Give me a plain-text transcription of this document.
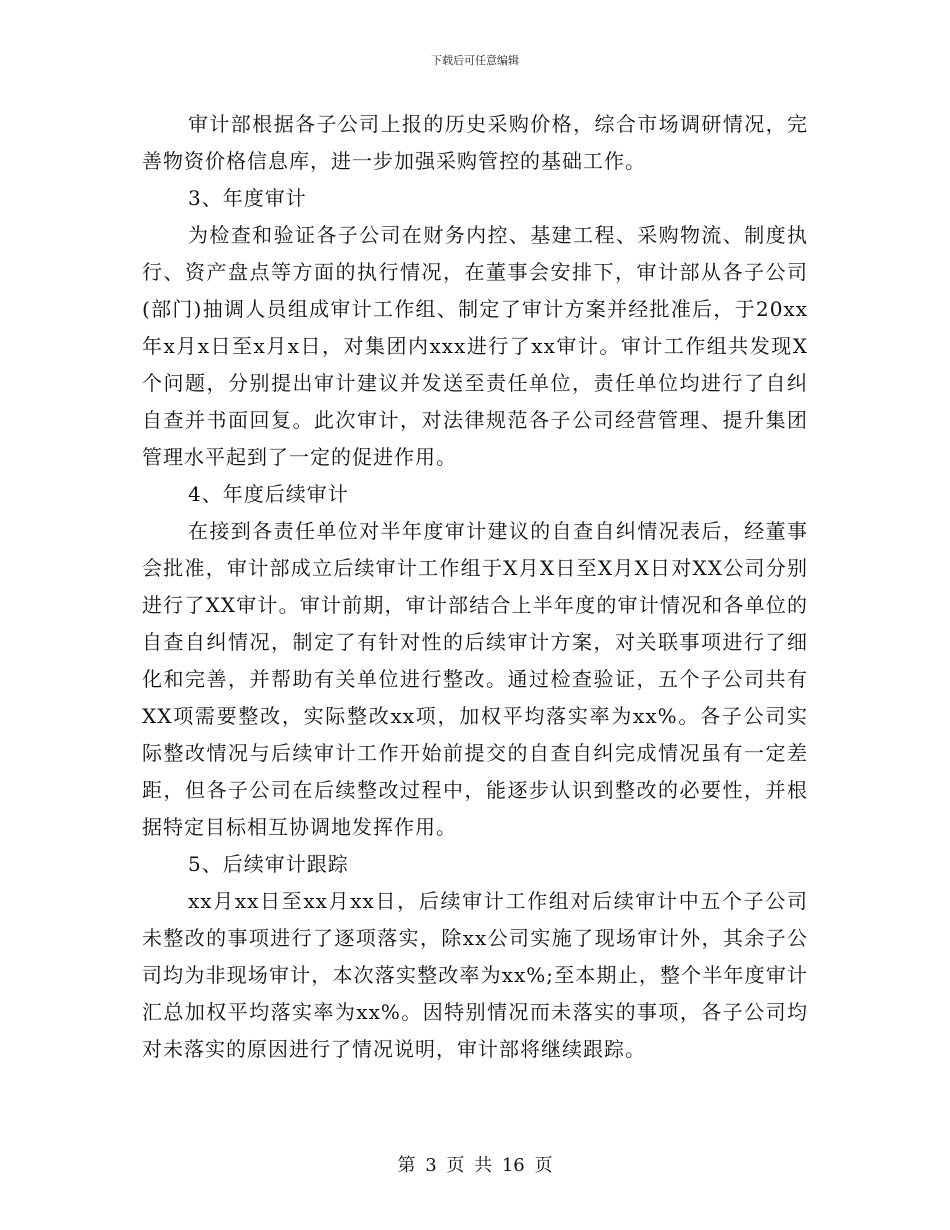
下载后可任意编辑

审计部根据各子公司上报的历史采购价格，综合市场调研情况，完善物资价格信息库，进一步加强采购管控的基础工作。

3、年度审计

为检查和验证各子公司在财务内控、基建工程、采购物流、制度执行、资产盘点等方面的执行情况，在董事会安排下，审计部从各子公司(部门)抽调人员组成审计工作组、制定了审计方案并经批准后，于20xx年x月x日至x月x日，对集团内xxx进行了xx审计。审计工作组共发现X个问题，分别提出审计建议并发送至责任单位，责任单位均进行了自纠自查并书面回复。此次审计，对法律规范各子公司经营管理、提升集团管理水平起到了一定的促进作用。

4、年度后续审计

在接到各责任单位对半年度审计建议的自查自纠情况表后，经董事会批准，审计部成立后续审计工作组于X月X日至X月X日对XX公司分别进行了XX审计。审计前期，审计部结合上半年度的审计情况和各单位的自查自纠情况，制定了有针对性的后续审计方案，对关联事项进行了细化和完善，并帮助有关单位进行整改。通过检查验证，五个子公司共有XX项需要整改，实际整改xx项，加权平均落实率为xx%。各子公司实际整改情况与后续审计工作开始前提交的自查自纠完成情况虽有一定差距，但各子公司在后续整改过程中，能逐步认识到整改的必要性，并根据特定目标相互协调地发挥作用。

5、后续审计跟踪

xx月xx日至xx月xx日，后续审计工作组对后续审计中五个子公司未整改的事项进行了逐项落实，除xx公司实施了现场审计外，其余子公司均为非现场审计，本次落实整改率为xx%;至本期止，整个半年度审计汇总加权平均落实率为xx%。因特别情况而未落实的事项，各子公司均对未落实的原因进行了情况说明，审计部将继续跟踪。

第 3 页 共 16 页
